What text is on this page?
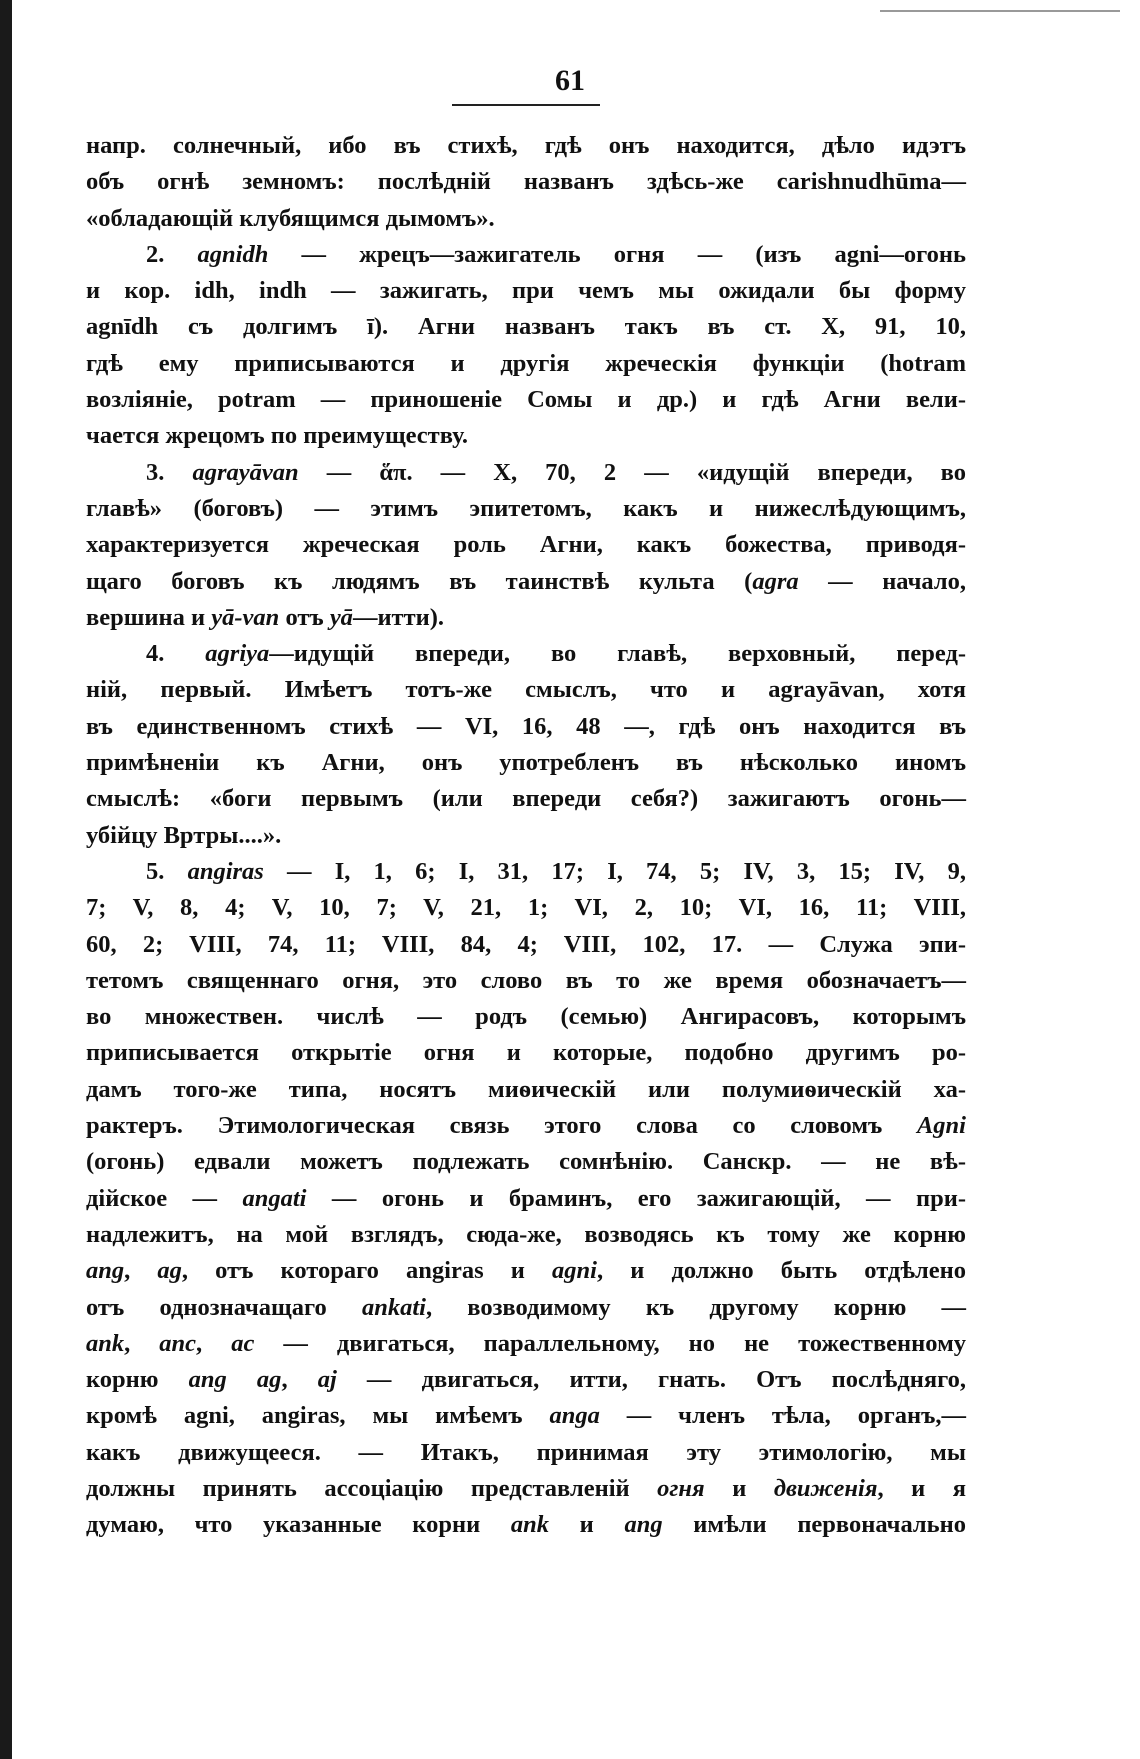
61
напр. солнечный, ибо въ стихѣ, гдѣ онъ находится, дѣло идэтъ
объ огнѣ земномъ: послѣдній названъ здѣсь-же carishnudhūma—
«обладающій клубящимся дымомъ».
2. agnidh — жрецъ—зажигатель огня — (изъ agni—огонь
и кор. idh, indh — зажигать, при чемъ мы ожидали бы форму
agnīdh съ долгимъ ī). Агни названъ такъ въ ст. X, 91, 10,
гдѣ ему приписываются и другія жреческія функціи (hotram
возліяніе, potram — приношеніе Сомы и др.) и гдѣ Агни вели-
чается жрецомъ по преимуществу.
3. agrayāvan — ἅπ. — X, 70, 2 — «идущій впереди, во
главѣ» (боговъ) — этимъ эпитетомъ, какъ и нижеслѣдующимъ,
характеризуется жреческая роль Агни, какъ божества, приводя-
щаго боговъ къ людямъ въ таинствѣ культа (agra — начало,
вершина и yā-van отъ yā—итти).
4. agriya—идущій впереди, во главѣ, верховный, перед-
ній, первый. Имѣетъ тотъ-же смыслъ, что и agrayāvan, хотя
въ единственномъ стихѣ — VI, 16, 48 —, гдѣ онъ находится въ
примѣненіи къ Агни, онъ употребленъ въ нѣсколько иномъ
смыслѣ: «боги первымъ (или впереди себя?) зажигаютъ огонь—
убійцу Вртры....».
5. angiras — I, 1, 6; I, 31, 17; I, 74, 5; IV, 3, 15; IV, 9,
7; V, 8, 4; V, 10, 7; V, 21, 1; VI, 2, 10; VI, 16, 11; VIII,
60, 2; VIII, 74, 11; VIII, 84, 4; VIII, 102, 17. — Служа эпи-
тетомъ священнаго огня, это слово въ то же время обозначаетъ—
во множествен. числѣ — родъ (семью) Ангирасовъ, которымъ
приписывается открытіе огня и которые, подобно другимъ ро-
дамъ того-же типа, носятъ миѳическій или полумиѳическій ха-
рактеръ. Этимологическая связь этого слова со словомъ Agni
(огонь) едвали можетъ подлежать сомнѣнію. Санскр. — не вѣ-
дійское — angati — огонь и браминъ, его зажигающій, — при-
надлежитъ, на мой взглядъ, сюда-же, возводясь къ тому же корню
ang, ag, отъ котораго angiras и agni, и должно быть отдѣлено
отъ однозначащаго ankati, возводимому къ другому корню —
ank, anc, ac — двигаться, параллельному, но не тожественному
корню ang ag, aj — двигаться, итти, гнать. Отъ послѣдняго,
кромѣ agni, angiras, мы имѣемъ anga — членъ тѣла, органъ,—
какъ движущееся. — Итакъ, принимая эту этимологію, мы
должны принять ассоціацію представленій огня и движенія, и я
думаю, что указанные корни ank и ang имѣли первоначально
